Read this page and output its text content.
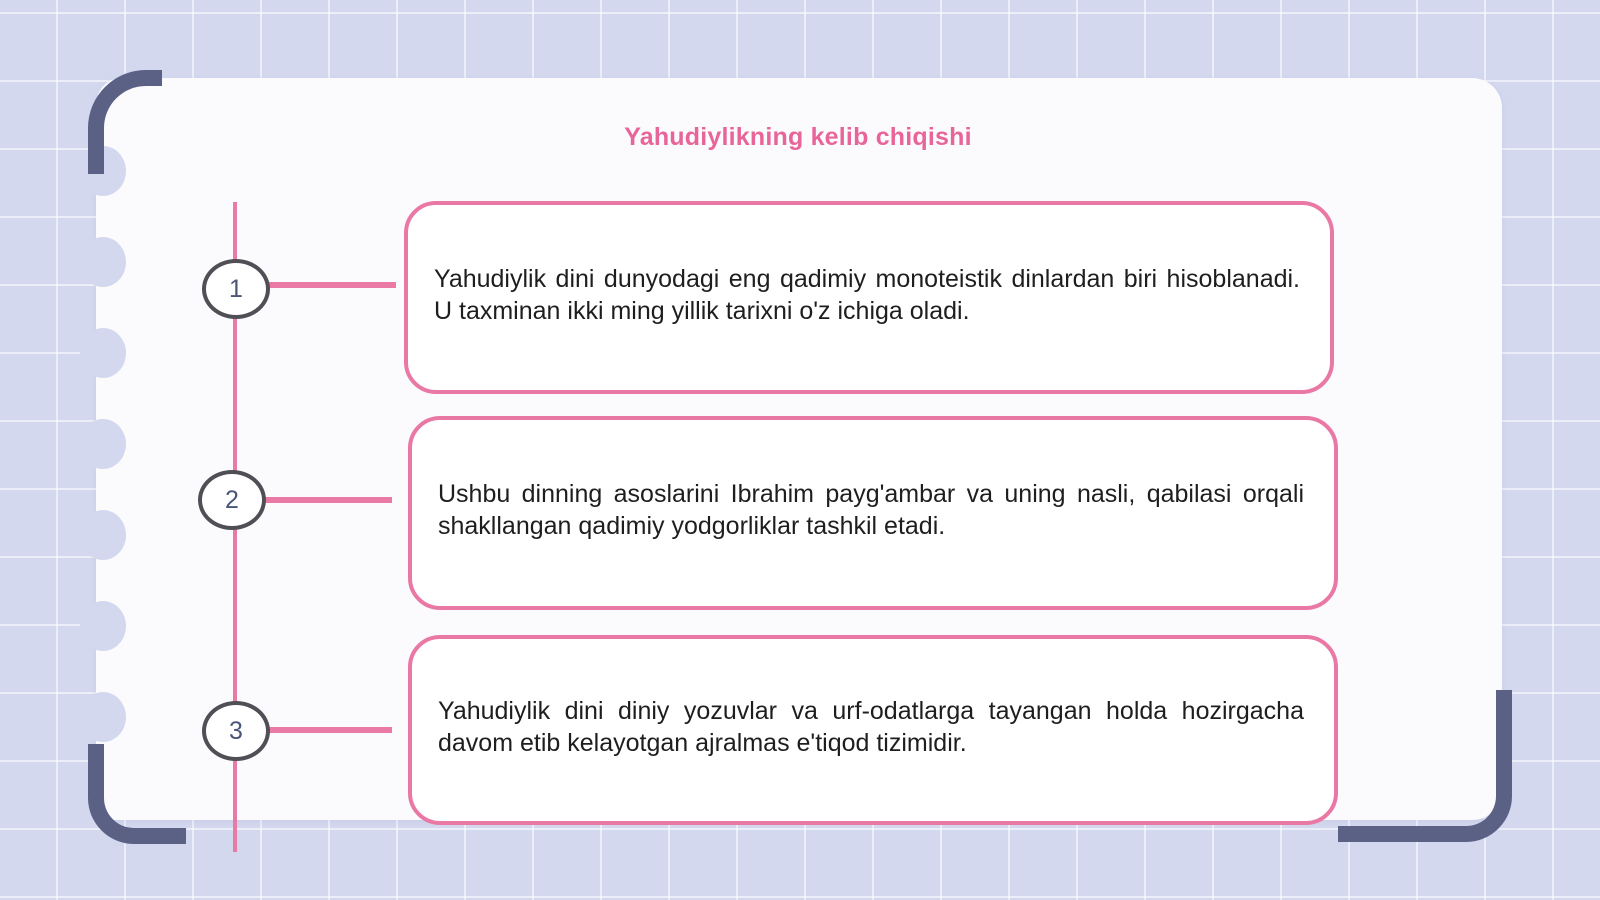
Yahudiylikning kelib chiqishi
1	Yahudiylik dini dunyodagi eng qadimiy monoteistik dinlardan biri hisoblanadi. U taxminan ikki ming yillik tarixni o'z ichiga oladi.
2	Ushbu dinning asoslarini Ibrahim payg'ambar va uning nasli, qabilasi orqali shakllangan qadimiy yodgorliklar tashkil etadi.
3
Yahudiylik dini diniy yozuvlar va urf-odatlarga tayangan holda hozirgacha davom etib kelayotgan ajralmas e'tiqod tizimidir.
